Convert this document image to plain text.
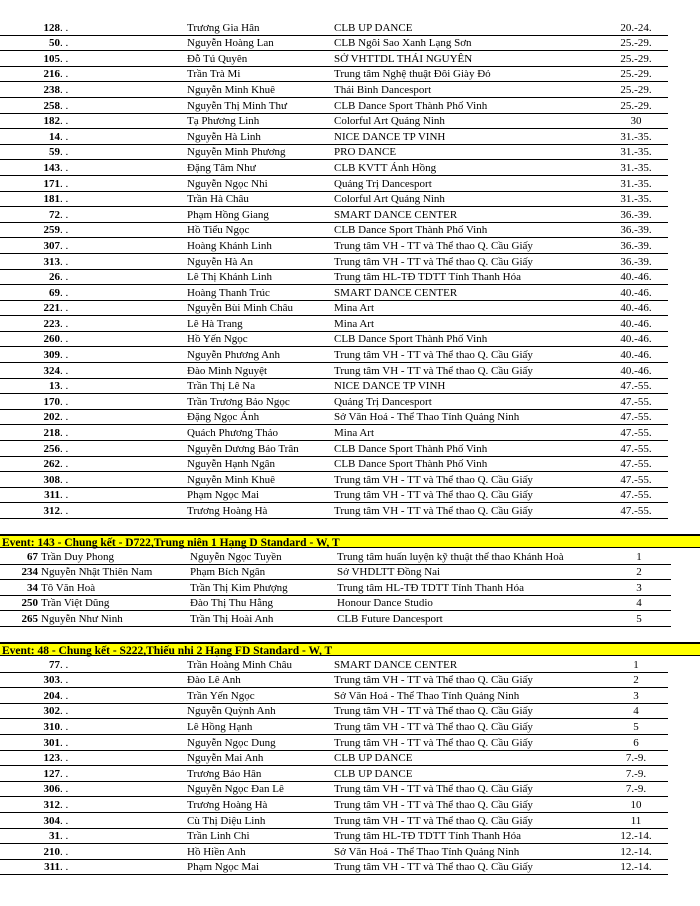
128	. .		Trương Gia Hân	CLB UP DANCE	20.-24.
50	. .		Nguyễn Hoàng Lan	CLB Ngôi Sao Xanh Lạng Sơn	25.-29.
105	. .		Đỗ Tú Quyên	SỞ VHTTDL THÁI NGUYÊN	25.-29.
216	. .		Trần Trà Mi	Trung tâm Nghệ thuật Đôi Giày Đỏ	25.-29.
238	. .		Nguyễn Minh Khuê	Thái Bình Dancesport	25.-29.
258	. .		Nguyễn Thị Minh Thư	CLB Dance Sport Thành Phố Vinh	25.-29.
182	. .		Tạ Phương Linh	Colorful Art Quảng Ninh	30
14	. .		Nguyễn Hà Linh	NICE DANCE TP VINH	31.-35.
59	. .		Nguyễn Minh Phương	PRO DANCE	31.-35.
143	. .		Đặng Tâm Như	CLB KVTT Ánh Hồng	31.-35.
171	. .		Nguyễn Ngọc Nhi	Quảng Trị Dancesport	31.-35.
181	. .		Trần Hà Châu	Colorful Art Quảng Ninh	31.-35.
72	. .		Phạm Hồng Giang	SMART DANCE CENTER	36.-39.
259	. .		Hồ Tiểu Ngọc	CLB Dance Sport Thành Phố Vinh	36.-39.
307	. .		Hoàng Khánh Linh	Trung tâm VH - TT và Thể thao Q. Cầu Giấy	36.-39.
313	. .		Nguyễn Hà An	Trung tâm VH - TT và Thể thao Q. Cầu Giấy	36.-39.
26	. .		Lê Thị Khánh Linh	Trung tâm HL-TĐ TDTT Tỉnh Thanh Hóa	40.-46.
69	. .		Hoàng Thanh Trúc	SMART DANCE CENTER	40.-46.
221	. .		Nguyễn Bùi Minh Châu	Mina Art	40.-46.
223	. .		Lê Hà Trang	Mina Art	40.-46.
260	. .		Hồ Yến Ngọc	CLB Dance Sport Thành Phố Vinh	40.-46.
309	. .		Nguyễn Phương Anh	Trung tâm VH - TT và Thể thao Q. Cầu Giấy	40.-46.
324	. .		Đào Minh Nguyệt	Trung tâm VH - TT và Thể thao Q. Cầu Giấy	40.-46.
13	. .		Trần Thị Lê Na	NICE DANCE TP VINH	47.-55.
170	. .		Trần Trương Bảo Ngọc	Quảng Trị Dancesport	47.-55.
202	. .		Đặng Ngọc Ánh	Sở Văn Hoá - Thể Thao Tỉnh Quảng Ninh	47.-55.
218	. .		Quách Phương Thảo	Mina Art	47.-55.
256	. .		Nguyễn Dương Bảo Trân	CLB Dance Sport Thành Phố Vinh	47.-55.
262	. .		Nguyễn Hạnh Ngân	CLB Dance Sport Thành Phố Vinh	47.-55.
308	. .		Nguyễn Minh Khuê	Trung tâm VH - TT và Thể thao Q. Cầu Giấy	47.-55.
311	. .		Phạm Ngọc Mai	Trung tâm VH - TT và Thể thao Q. Cầu Giấy	47.-55.
312	. .		Trương Hoàng Hà	Trung tâm VH - TT và Thể thao Q. Cầu Giấy	47.-55.
Event: 143 - Chung kết - D722,Trung niên 1 Hạng D Standard - W, T
67	Trần Duy Phong	Nguyễn Ngọc Tuyền	Trung tâm huấn luyện kỹ thuật thể thao Khánh Hoà	1
234	Nguyễn Nhật Thiên Nam	Phạm Bích Ngân	Sở VHDLTT Đồng Nai	2
34	Tô Văn Hoà	Trần Thị Kim Phượng	Trung tâm HL-TĐ TDTT Tỉnh Thanh Hóa	3
250	Trần Việt Dũng	Đào Thị Thu Hằng	Honour Dance Studio	4
265	Nguyễn Như Ninh	Trần Thị Hoài Anh	CLB Future Dancesport	5
Event: 48 - Chung kết - S222,Thiếu nhi 2 Hạng FD Standard - W, T
77	. .		Trần Hoàng Minh Châu	SMART DANCE CENTER	1
303	. .		Đào Lê Anh	Trung tâm VH - TT và Thể thao Q. Cầu Giấy	2
204	. .		Trần Yến Ngọc	Sở Văn Hoá - Thể Thao Tỉnh Quảng Ninh	3
302	. .		Nguyễn Quỳnh Anh	Trung tâm VH - TT và Thể thao Q. Cầu Giấy	4
310	. .		Lê Hồng Hạnh	Trung tâm VH - TT và Thể thao Q. Cầu Giấy	5
301	. .		Nguyễn Ngọc Dung	Trung tâm VH - TT và Thể thao Q. Cầu Giấy	6
123	. .		Nguyễn Mai Anh	CLB UP DANCE	7.-9.
127	. .		Trương Bảo Hân	CLB UP DANCE	7.-9.
306	. .		Nguyễn Ngọc Đan Lê	Trung tâm VH - TT và Thể thao Q. Cầu Giấy	7.-9.
312	. .		Trương Hoàng Hà	Trung tâm VH - TT và Thể thao Q. Cầu Giấy	10
304	. .		Cù Thị Diệu Linh	Trung tâm VH - TT và Thể thao Q. Cầu Giấy	11
31	. .		Trần Linh Chi	Trung tâm HL-TĐ TDTT Tỉnh Thanh Hóa	12.-14.
210	. .		Hồ Hiền Anh	Sở Văn Hoá - Thể Thao Tỉnh Quảng Ninh	12.-14.
311	. .		Phạm Ngọc Mai	Trung tâm VH - TT và Thể thao Q. Cầu Giấy	12.-14.
